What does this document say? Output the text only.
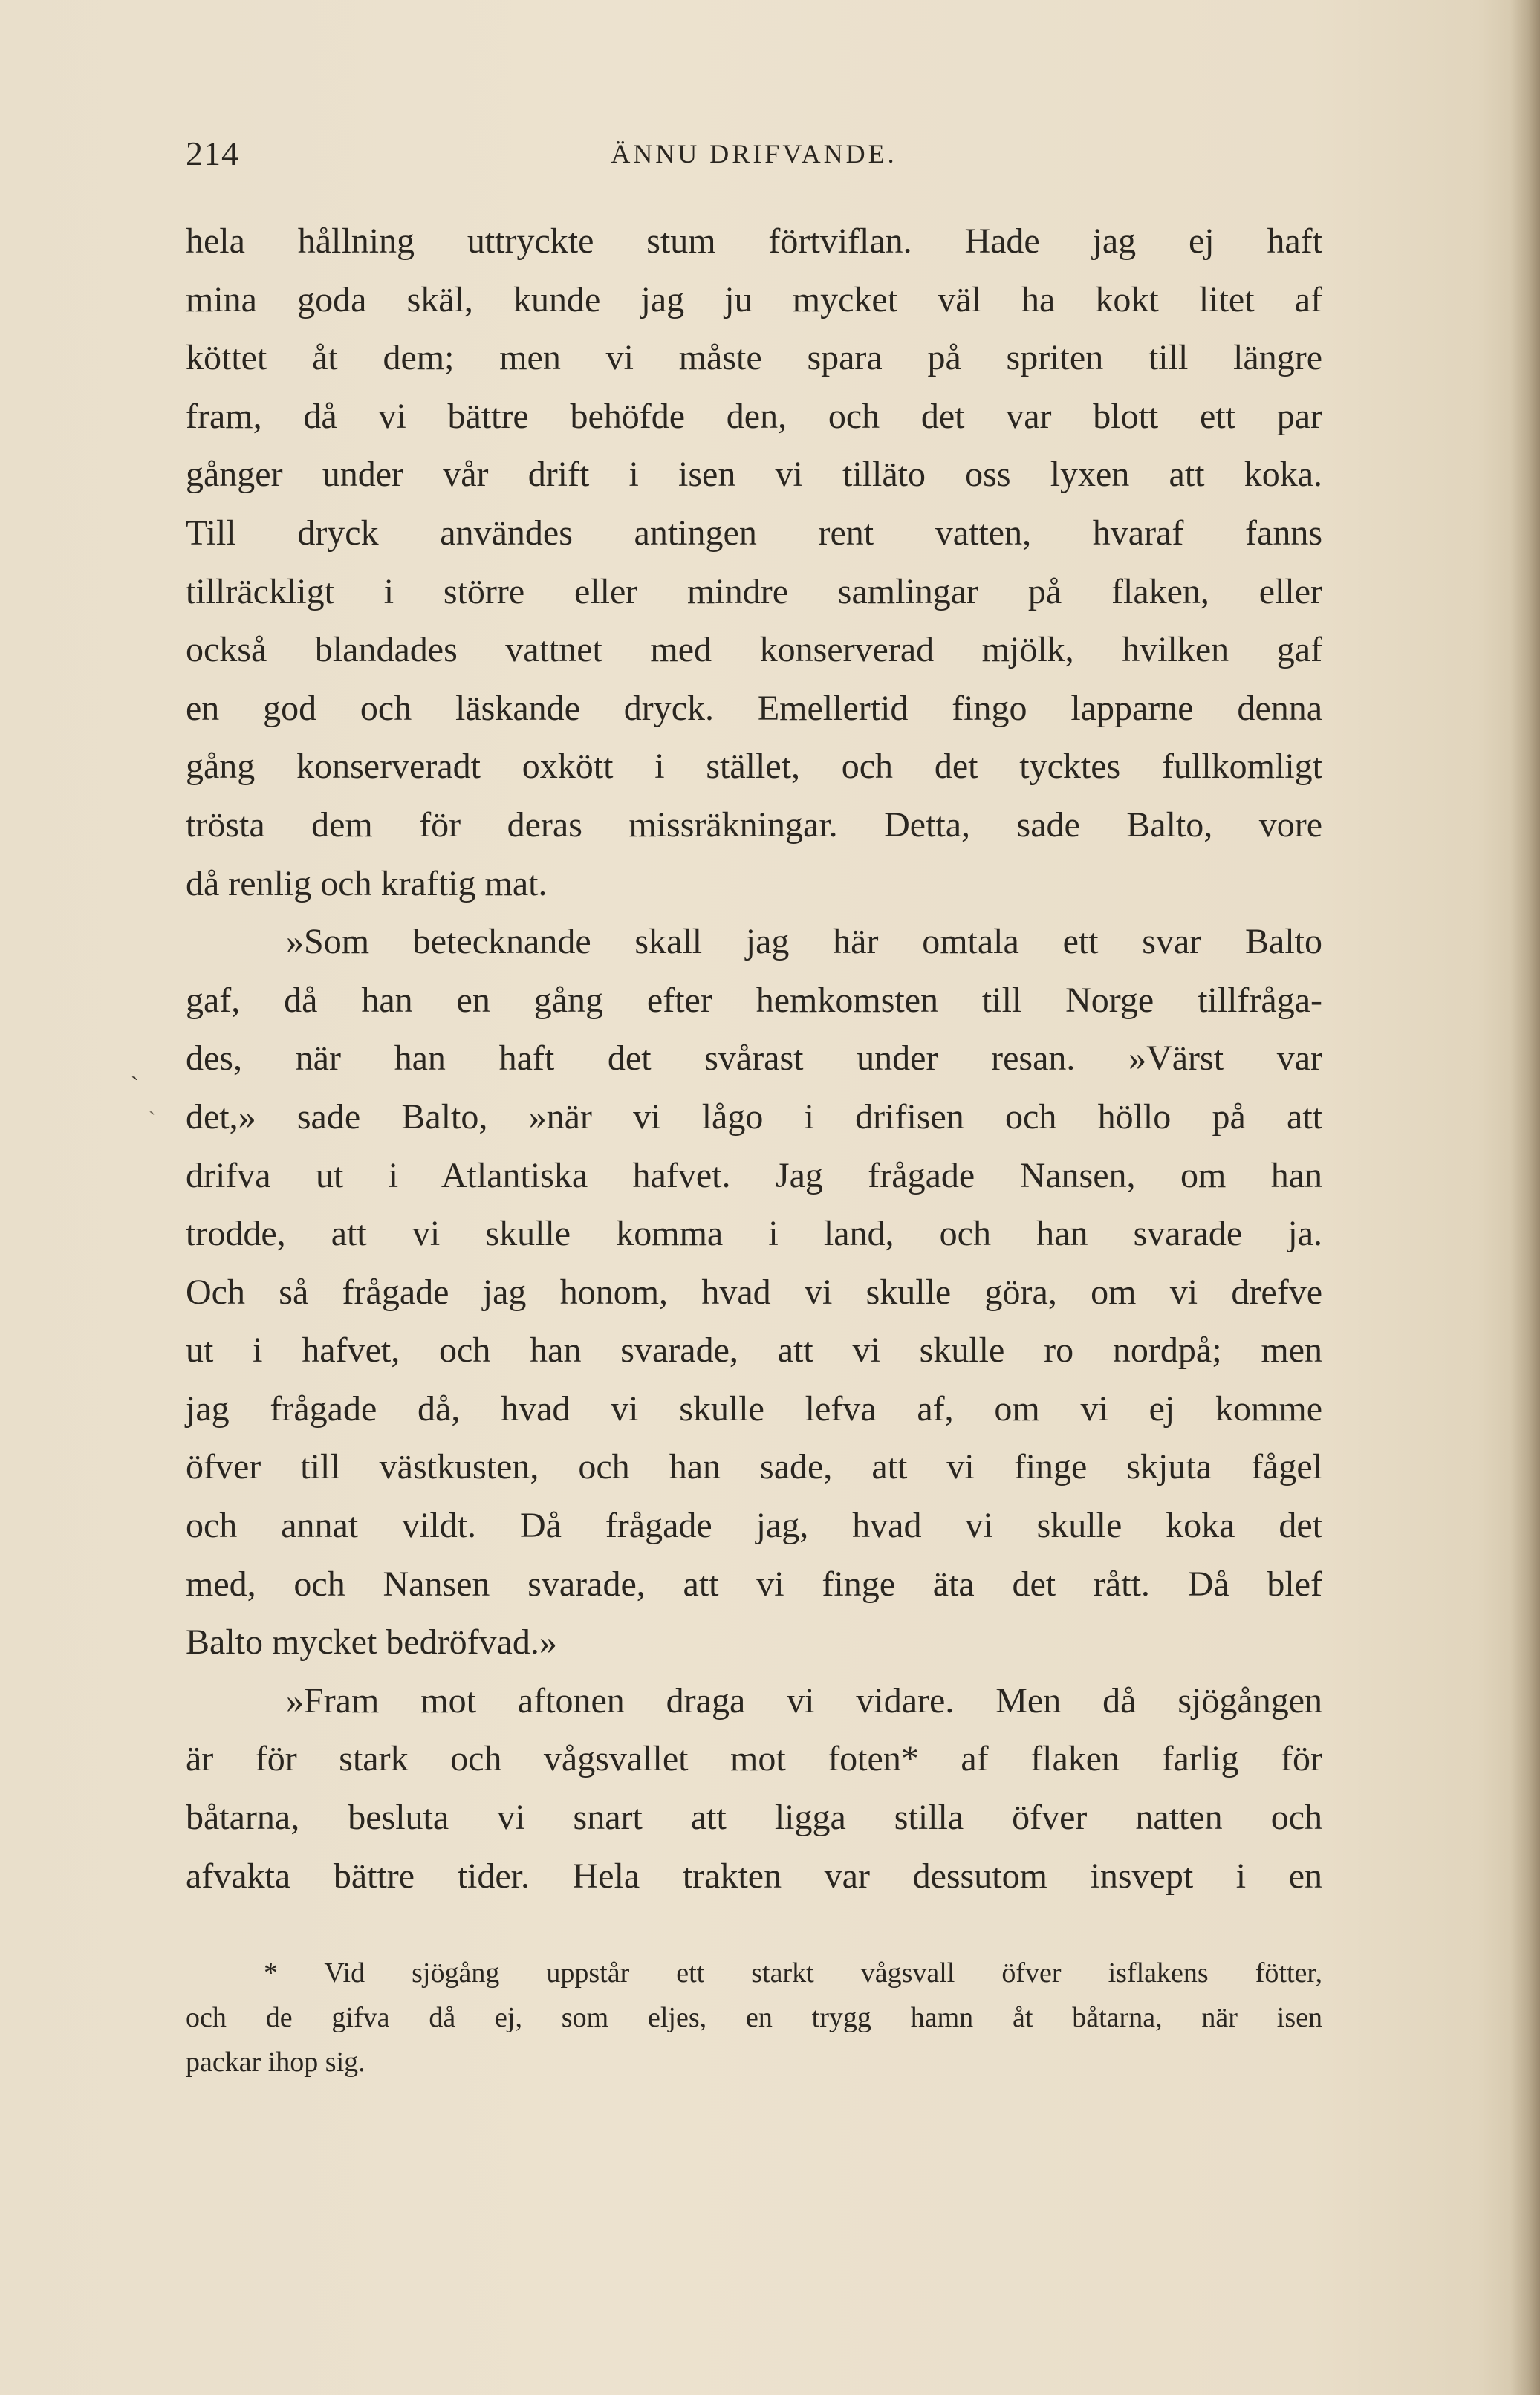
214	ÄNNU DRIFVANDE.
hela hållning uttryckte stum förtviflan. Hade jag ej haft
mina goda skäl, kunde jag ju mycket väl ha kokt litet af
köttet åt dem; men vi måste spara på spriten till längre
fram, då vi bättre behöfde den, och det var blott ett par
gånger under vår drift i isen vi tilläto oss lyxen att koka.
Till dryck användes antingen rent vatten, hvaraf fanns
tillräckligt i större eller mindre samlingar på flaken, eller
också blandades vattnet med konserverad mjölk, hvilken gaf
en god och läskande dryck. Emellertid fingo lapparne denna
gång konserveradt oxkött i stället, och det tycktes fullkomligt
trösta dem för deras missräkningar. Detta, sade Balto, vore
då renlig och kraftig mat.
»Som betecknande skall jag här omtala ett svar Balto
gaf, då han en gång efter hemkomsten till Norge tillfråga-
des, när han haft det svårast under resan. »Värst var
det,» sade Balto, »när vi lågo i drifisen och höllo på att
drifva ut i Atlantiska hafvet. Jag frågade Nansen, om han
trodde, att vi skulle komma i land, och han svarade ja.
Och så frågade jag honom, hvad vi skulle göra, om vi drefve
ut i hafvet, och han svarade, att vi skulle ro nordpå; men
jag frågade då, hvad vi skulle lefva af, om vi ej komme
öfver till västkusten, och han sade, att vi finge skjuta fågel
och annat vildt. Då frågade jag, hvad vi skulle koka det
med, och Nansen svarade, att vi finge äta det rått. Då blef
Balto mycket bedröfvad.»
»Fram mot aftonen draga vi vidare. Men då sjögången
är för stark och vågsvallet mot foten* af flaken farlig för
båtarna, besluta vi snart att ligga stilla öfver natten och
afvakta bättre tider. Hela trakten var dessutom insvept i en
* Vid sjögång uppstår ett starkt vågsvall öfver isflakens fötter,
och de gifva då ej, som eljes, en trygg hamn åt båtarna, när isen
packar ihop sig.
ˏ
ˋ
